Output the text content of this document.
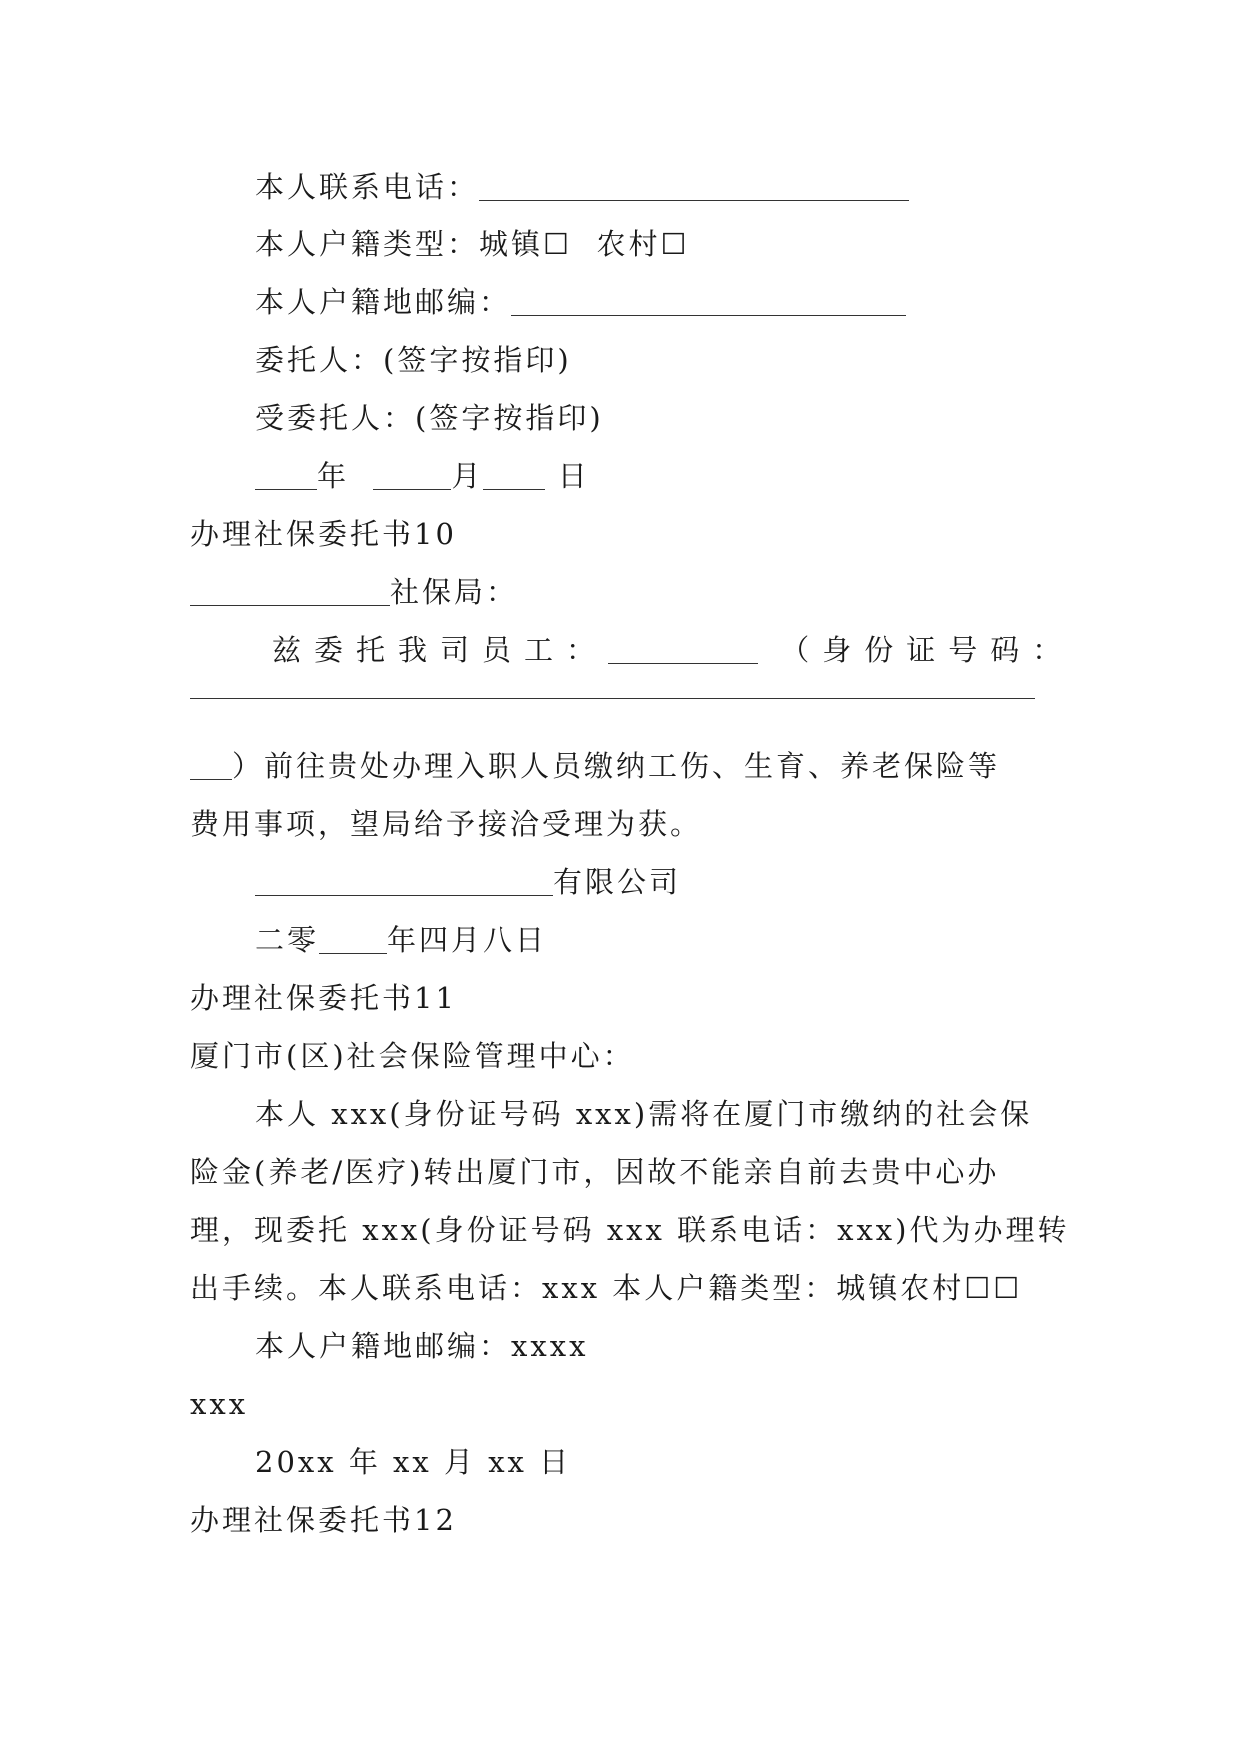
本人联系电话：
本人户籍类型：城镇☐ 农村☐
本人户籍地邮编：
委托人：(签字按指印)
受委托人：(签字按指印)
年	月	日
办理社保委托书10
社保局：
兹委托我司员工：	（身份证号码：
）前往贵处办理入职人员缴纳工伤、生育、养老保险等
费用事项，望局给予接洽受理为获。
有限公司
二零 年四月八日
办理社保委托书11
厦门市(区)社会保险管理中心：
本人 xxx(身份证号码 xxx)需将在厦门市缴纳的社会保
险金(养老/医疗)转出厦门市，因故不能亲自前去贵中心办
理，现委托 xxx(身份证号码 xxx 联系电话：xxx)代为办理转
出手续。本人联系电话：xxx 本人户籍类型：城镇农村☐☐
本人户籍地邮编：xxxx
xxx
20xx 年 xx 月 xx 日
办理社保委托书12
